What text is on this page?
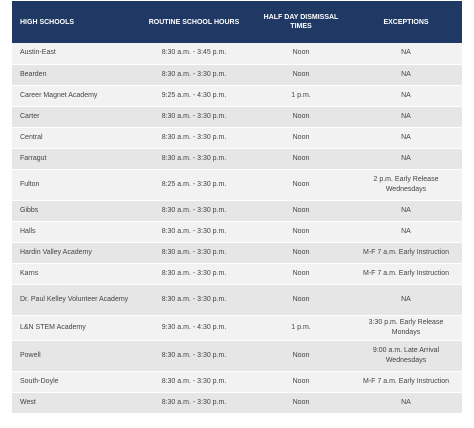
HIGH SCHOOLS	ROUTINE SCHOOL HOURS	HALF DAY DISMISSAL TIMES	EXCEPTIONS
Austin-East	8:30 a.m. - 3:45 p.m.	Noon	NA
Bearden	8:30 a.m. - 3:30 p.m.	Noon	NA
Career Magnet Academy	9:25 a.m. - 4:30 p.m.	1 p.m.	NA
Carter	8:30 a.m. - 3:30 p.m.	Noon	NA
Central	8:30 a.m. - 3:30 p.m.	Noon	NA
Farragut	8:30 a.m. - 3:30 p.m.	Noon	NA
Fulton	8:25 a.m. - 3:30 p.m.	Noon	2 p.m. Early Release Wednesdays
Gibbs	8:30 a.m. - 3:30 p.m.	Noon	NA
Halls	8:30 a.m. - 3:30 p.m.	Noon	NA
Hardin Valley Academy	8:30 a.m. - 3:30 p.m.	Noon	M-F 7 a.m. Early Instruction
Karns	8:30 a.m. - 3:30 p.m.	Noon	M-F 7 a.m. Early Instruction
Dr. Paul Kelley Volunteer Academy	8:30 a.m. - 3:30 p.m.	Noon	NA
L&N STEM Academy	9:30 a.m. - 4:30 p.m.	1 p.m.	3:30 p.m. Early Release Mondays
Powell	8:30 a.m. - 3:30 p.m.	Noon	9:00 a.m. Late Arrival Wednesdays
South-Doyle	8:30 a.m. - 3:30 p.m.	Noon	M-F 7 a.m. Early Instruction
West	8:30 a.m. - 3:30 p.m.	Noon	NA
